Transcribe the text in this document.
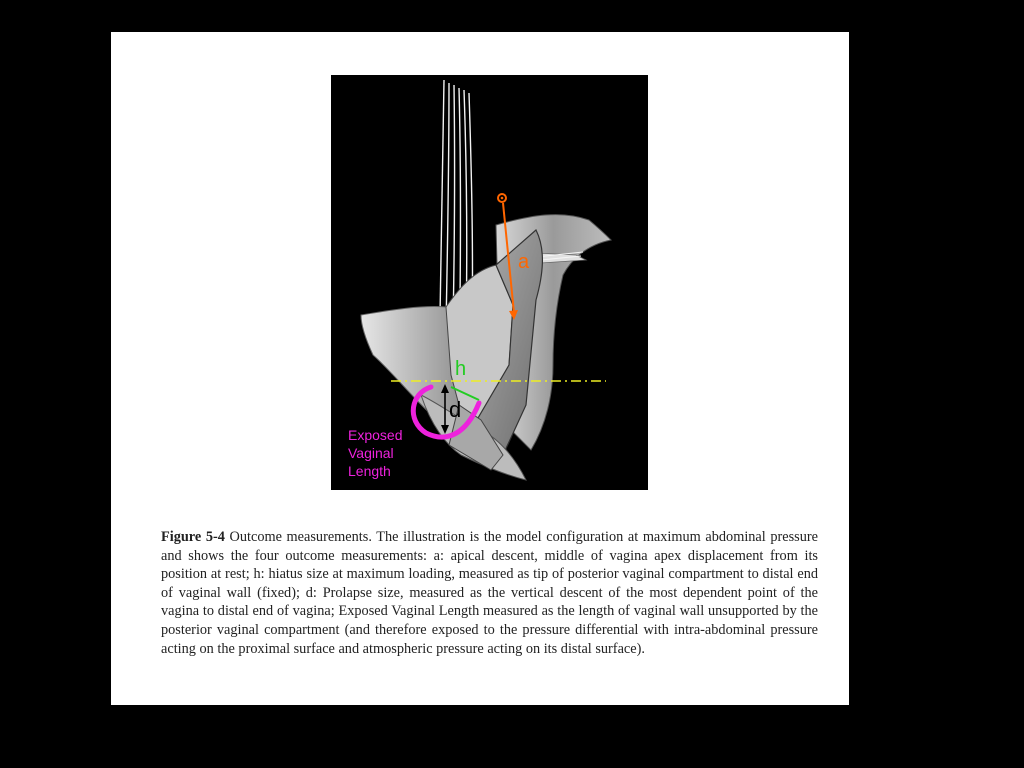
a
h
d
Exposed
Vaginal
Length
Figure 5-4 Outcome measurements. The illustration is the model configuration at maximum abdominal pressure and shows the four outcome measurements: a: apical descent, middle of vagina apex displacement from its position at rest; h: hiatus size at maximum loading, measured as tip of posterior vaginal compartment to distal end of vaginal wall (fixed); d: Prolapse size, measured as the vertical descent of the most dependent point of the vagina to distal end of vagina; Exposed Vaginal Length measured as the length of vaginal wall unsupported by the posterior vaginal compartment (and therefore exposed to the pressure differential with intra-abdominal pressure acting on the proximal surface and atmospheric pressure acting on its distal surface).
